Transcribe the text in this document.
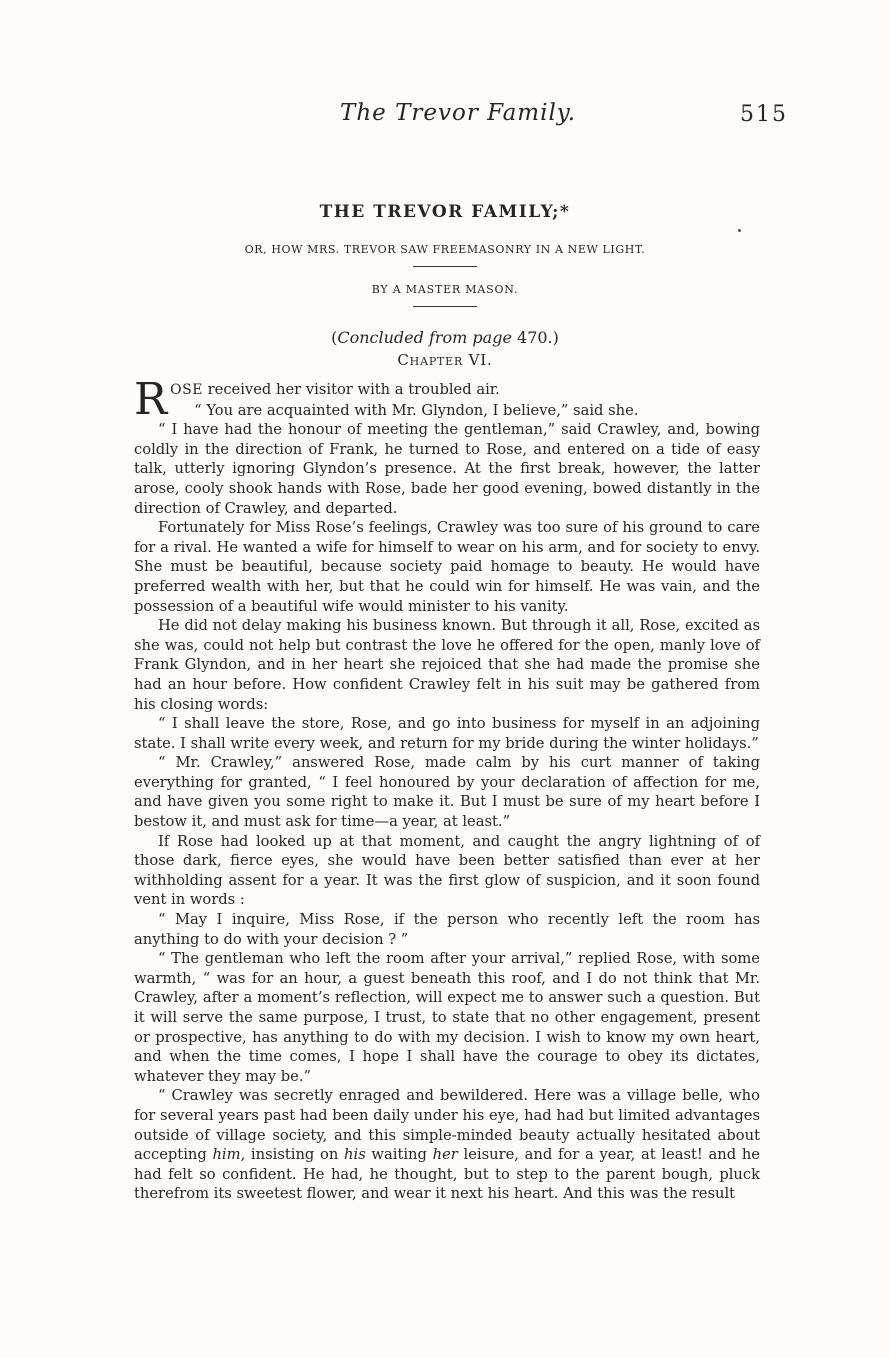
The Trevor Family.	515
THE TREVOR FAMILY;*
OR, HOW MRS. TREVOR SAW FREEMASONRY IN A NEW LIGHT.
BY A MASTER MASON.
(Concluded from page 470.)
Chapter VI.

ROSE received her visitor with a troubled air.

“ You are acquainted with Mr. Glyndon, I believe,” said she.

“ I have had the honour of meeting the gentleman,” said Crawley, and, bowing coldly in the direction of Frank, he turned to Rose, and entered on a tide of easy talk, utterly ignoring Glyndon’s presence. At the first break, however, the latter arose, cooly shook hands with Rose, bade her good evening, bowed distantly in the direction of Crawley, and departed.

Fortunately for Miss Rose’s feelings, Crawley was too sure of his ground to care for a rival. He wanted a wife for himself to wear on his arm, and for society to envy. She must be beautiful, because society paid homage to beauty. He would have preferred wealth with her, but that he could win for himself. He was vain, and the possession of a beautiful wife would minister to his vanity.

He did not delay making his business known. But through it all, Rose, excited as she was, could not help but contrast the love he offered for the open, manly love of Frank Glyndon, and in her heart she rejoiced that she had made the promise she had an hour before. How confident Crawley felt in his suit may be gathered from his closing words:

“ I shall leave the store, Rose, and go into business for myself in an adjoining state. I shall write every week, and return for my bride during the winter holidays.”

“ Mr. Crawley,” answered Rose, made calm by his curt manner of taking everything for granted, “ I feel honoured by your declaration of affection for me, and have given you some right to make it. But I must be sure of my heart before I bestow it, and must ask for time—a year, at least.”

If Rose had looked up at that moment, and caught the angry lightning of of those dark, fierce eyes, she would have been better satisfied than ever at her withholding assent for a year. It was the first glow of suspicion, and it soon found vent in words :

“ May I inquire, Miss Rose, if the person who recently left the room has anything to do with your decision ? ”

“ The gentleman who left the room after your arrival,” replied Rose, with some warmth, “ was for an hour, a guest beneath this roof, and I do not think that Mr. Crawley, after a moment’s reflection, will expect me to answer such a question. But it will serve the same purpose, I trust, to state that no other engagement, present or prospective, has anything to do with my decision. I wish to know my own heart, and when the time comes, I hope I shall have the courage to obey its dictates, whatever they may be.”

“ Crawley was secretly enraged and bewildered. Here was a village belle, who for several years past had been daily under his eye, had had but limited advantages outside of village society, and this simple-minded beauty actually hesitated about accepting him, insisting on his waiting her leisure, and for a year, at least! and he had felt so confident. He had, he thought, but to step to the parent bough, pluck therefrom its sweetest flower, and wear it next his heart. And this was the result
